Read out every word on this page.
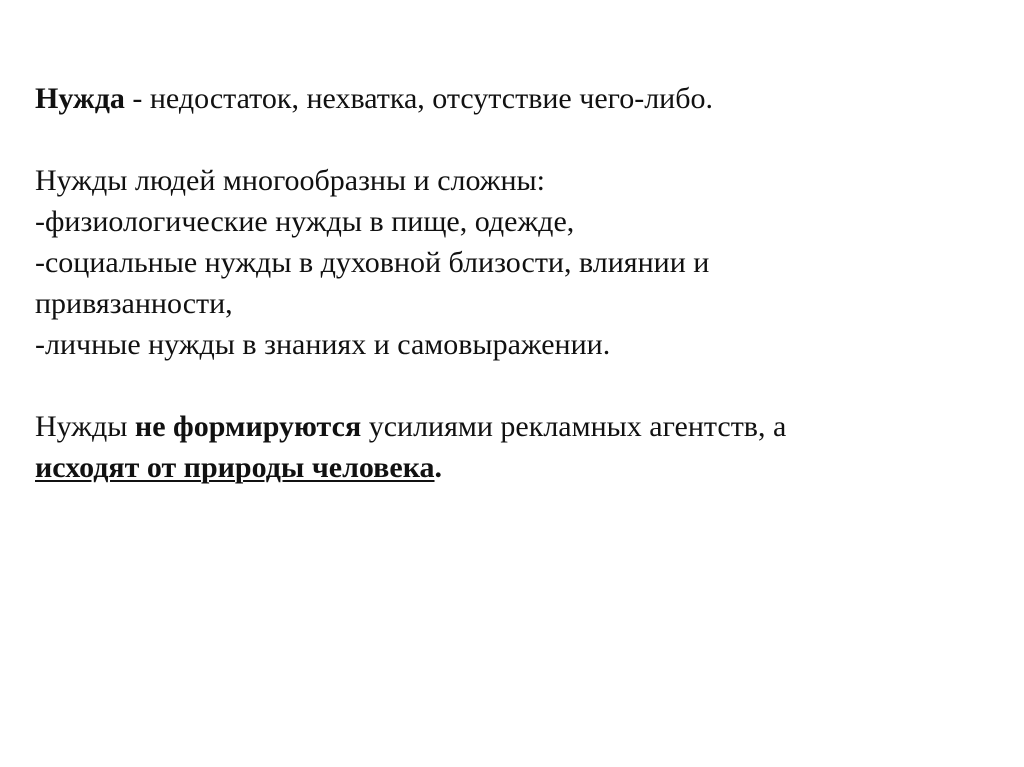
Нужда - недостаток, нехватка, отсутствие чего-либо.
Нужды людей многообразны и сложны:
-физиологические нужды в пище, одежде,
-социальные нужды в духовной близости, влиянии и
привязанности,
-личные нужды в знаниях и самовыражении.
Нужды не формируются усилиями рекламных агентств, а
исходят от природы человека.
